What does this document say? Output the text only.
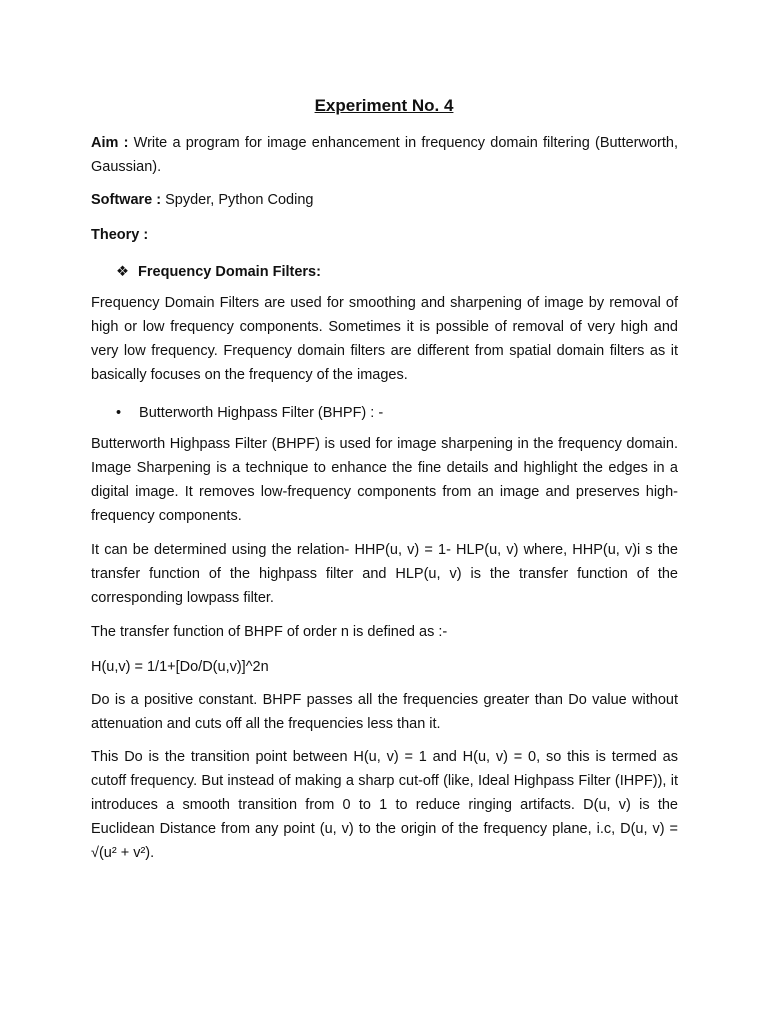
Experiment No. 4

Aim : Write a program for image enhancement in frequency domain filtering (Butterworth, Gaussian).

Software : Spyder, Python Coding

Theory :

❖ Frequency Domain Filters:

Frequency Domain Filters are used for smoothing and sharpening of image by removal of high or low frequency components. Sometimes it is possible of removal of very high and very low frequency. Frequency domain filters are different from spatial domain filters as it basically focuses on the frequency of the images.

• Butterworth Highpass Filter (BHPF) : -

Butterworth Highpass Filter (BHPF) is used for image sharpening in the frequency domain. Image Sharpening is a technique to enhance the fine details and highlight the edges in a digital image. It removes low-frequency components from an image and preserves high-frequency components.

It can be determined using the relation- HHP(u, v) = 1- HLP(u, v) where, HHP(u, v)i s the transfer function of the highpass filter and HLP(u, v) is the transfer function of the corresponding lowpass filter.

The transfer function of BHPF of order n is defined as :-

H(u,v) = 1/1+[Do/D(u,v)]^2n

Do is a positive constant. BHPF passes all the frequencies greater than Do value without attenuation and cuts off all the frequencies less than it.

This Do is the transition point between H(u, v) = 1 and H(u, v) = 0, so this is termed as cutoff frequency. But instead of making a sharp cut-off (like, Ideal Highpass Filter (IHPF)), it introduces a smooth transition from 0 to 1 to reduce ringing artifacts. D(u, v) is the Euclidean Distance from any point (u, v) to the origin of the frequency plane, i.c, D(u, v) = √(u² + v²).
